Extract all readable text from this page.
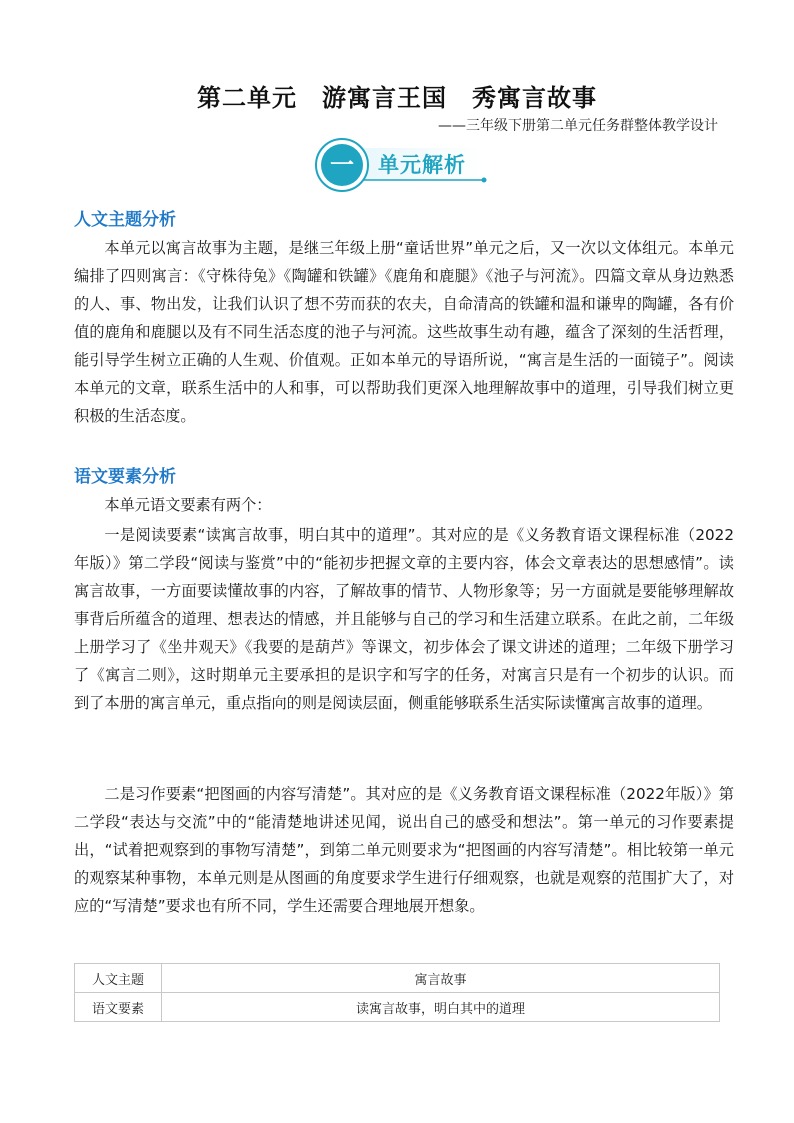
第二单元　游寓言王国　秀寓言故事
——三年级下册第二单元任务群整体教学设计
一	单元解析
人文主题分析
本单元以寓言故事为主题，是继三年级上册“童话世界”单元之后，又一次以文体组元。本单元编排了四则寓言：《守株待兔》《陶罐和铁罐》《鹿角和鹿腿》《池子与河流》。四篇文章从身边熟悉的人、事、物出发，让我们认识了想不劳而获的农夫，自命清高的铁罐和温和谦卑的陶罐，各有价值的鹿角和鹿腿以及有不同生活态度的池子与河流。这些故事生动有趣，蕴含了深刻的生活哲理，能引导学生树立正确的人生观、价值观。正如本单元的导语所说，“寓言是生活的一面镜子”。阅读本单元的文章，联系生活中的人和事，可以帮助我们更深入地理解故事中的道理，引导我们树立更积极的生活态度。
语文要素分析
本单元语文要素有两个：
一是阅读要素“读寓言故事，明白其中的道理”。其对应的是《义务教育语文课程标准（2022年版）》第二学段“阅读与鉴赏”中的“能初步把握文章的主要内容，体会文章表达的思想感情”。读寓言故事，一方面要读懂故事的内容，了解故事的情节、人物形象等；另一方面就是要能够理解故事背后所蕴含的道理、想表达的情感，并且能够与自己的学习和生活建立联系。在此之前，二年级上册学习了《坐井观天》《我要的是葫芦》等课文，初步体会了课文讲述的道理；二年级下册学习了《寓言二则》，这时期单元主要承担的是识字和写字的任务，对寓言只是有一个初步的认识。而到了本册的寓言单元，重点指向的则是阅读层面，侧重能够联系生活实际读懂寓言故事的道理。
二是习作要素“把图画的内容写清楚”。其对应的是《义务教育语文课程标准（2022年版）》第二学段“表达与交流”中的“能清楚地讲述见闻，说出自己的感受和想法”。第一单元的习作要素提出，“试着把观察到的事物写清楚”，到第二单元则要求为“把图画的内容写清楚”。相比较第一单元的观察某种事物，本单元则是从图画的角度要求学生进行仔细观察，也就是观察的范围扩大了，对应的“写清楚”要求也有所不同，学生还需要合理地展开想象。
人文主题	寓言故事
语文要素	读寓言故事，明白其中的道理
